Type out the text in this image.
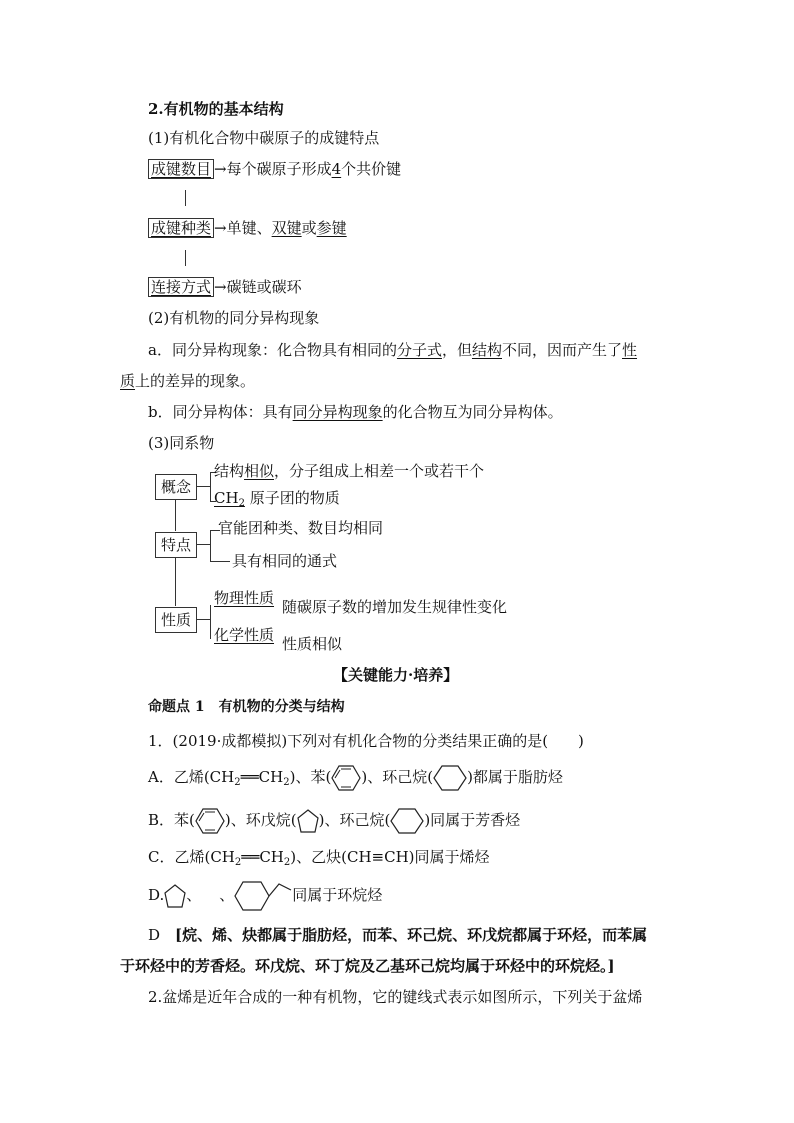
2.有机物的基本结构
(1)有机化合物中碳原子的成键特点
成键数目 →每个碳原子形成4个共价键
成键种类 →单键、双键或参键
连接方式 →碳链或碳环
(2)有机物的同分异构现象
a．同分异构现象：化合物具有相同的分子式，但结构不同，因而产生了性
质上的差异的现象。
b．同分异构体：具有同分异构现象的化合物互为同分异构体。
(3)同系物
概念
特点
性质
结构相似，分子组成上相差一个或若干个
$CH_2$ 原子团的物质
官能团种类、数目均相同
具有相同的通式
物理性质 随碳原子数的增加发生规律性变化
化学性质 性质相似
【关键能力·培养】
命题点 1　有机物的分类与结构
1．(2019·成都模拟)下列对有机化合物的分类结果正确的是(　　)
A．乙烯$(CH_2══CH_2)$、苯( )、环己烷( )都属于脂肪烃
B．苯( )、环戊烷( )、环己烷( )同属于芳香烃
C．乙烯$(CH_2══CH_2)$、乙炔(CH≡CH)同属于烯烃
D. 、 、	同属于环烷烃
D　 [烷、烯、炔都属于脂肪烃，而苯、环己烷、环戊烷都属于环烃，而苯属
于环烃中的芳香烃。环戊烷、环丁烷及乙基环己烷均属于环烃中的环烷烃。]
2.盆烯是近年合成的一种有机物，它的键线式表示如图所示，下列关于盆烯
